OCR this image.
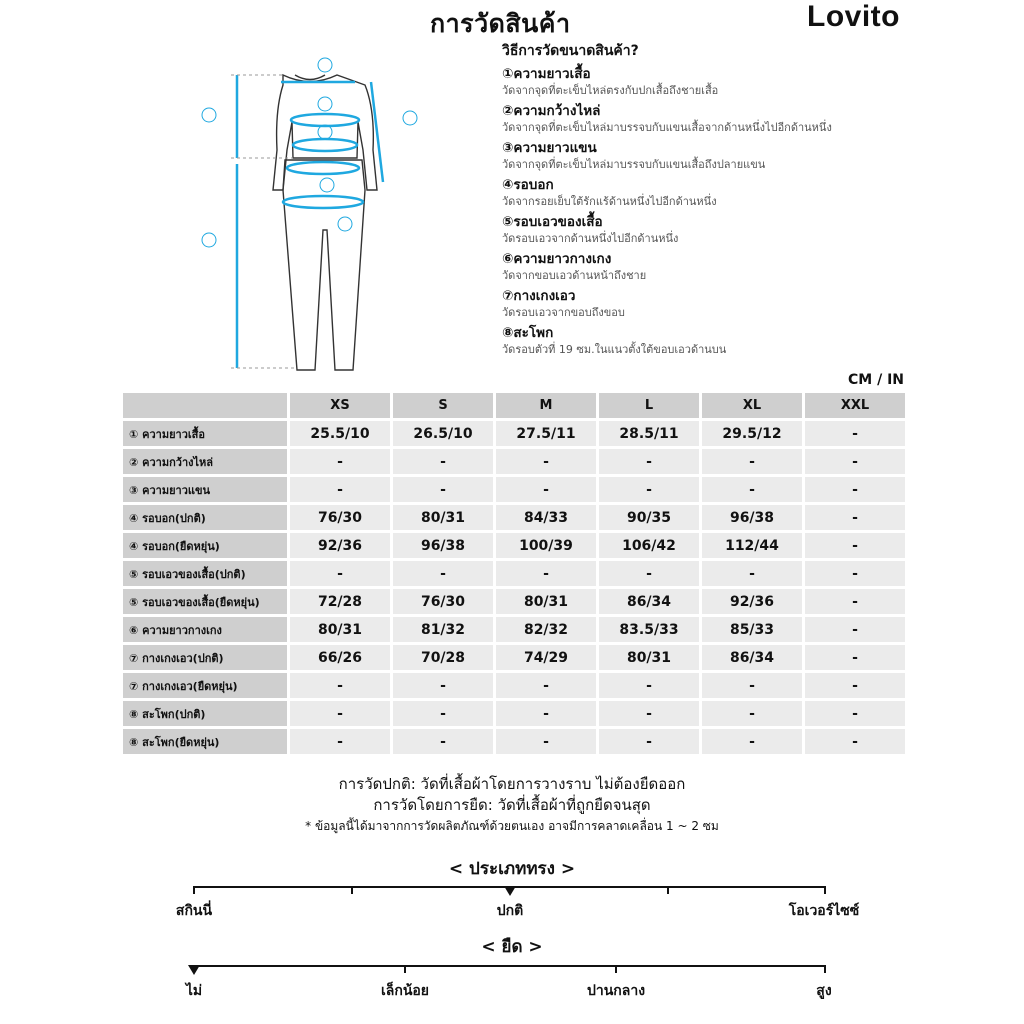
การวัดสินค้า	Lovito
วิธีการวัดขนาดสินค้า?
①ความยาวเสื้อ
วัดจากจุดที่ตะเข็บไหล่ตรงกับปกเสื้อถึงชายเสื้อ
②ความกว้างไหล่
วัดจากจุดที่ตะเข็บไหล่มาบรรจบกับแขนเสื้อจากด้านหนึ่งไปอีกด้านหนึ่ง
③ความยาวแขน
วัดจากจุดที่ตะเข็บไหล่มาบรรจบกับแขนเสื้อถึงปลายแขน
④รอบอก
วัดจากรอยเย็บใต้รักแร้ด้านหนึ่งไปอีกด้านหนึ่ง
⑤รอบเอวของเสื้อ
วัดรอบเอวจากด้านหนึ่งไปอีกด้านหนึ่ง
⑥ความยาวกางเกง
วัดจากขอบเอวด้านหน้าถึงชาย
⑦กางเกงเอว
วัดรอบเอวจากขอบถึงขอบ
⑧สะโพก
วัดรอบตัวที่ 19 ซม.ในแนวตั้งใต้ขอบเอวด้านบน
CM / IN
	XS	S	M	L	XL	XXL
① ความยาวเสื้อ	25.5/10	26.5/10	27.5/11	28.5/11	29.5/12	-
② ความกว้างไหล่	-	-	-	-	-	-
③ ความยาวแขน	-	-	-	-	-	-
④ รอบอก(ปกติ)	76/30	80/31	84/33	90/35	96/38	-
④ รอบอก(ยืดหยุ่น)	92/36	96/38	100/39	106/42	112/44	-
⑤ รอบเอวของเสื้อ(ปกติ)	-	-	-	-	-	-
⑤ รอบเอวของเสื้อ(ยืดหยุ่น)	72/28	76/30	80/31	86/34	92/36	-
⑥ ความยาวกางเกง	80/31	81/32	82/32	83.5/33	85/33	-
⑦ กางเกงเอว(ปกติ)	66/26	70/28	74/29	80/31	86/34	-
⑦ กางเกงเอว(ยืดหยุ่น)	-	-	-	-	-	-
⑧ สะโพก(ปกติ)	-	-	-	-	-	-
⑧ สะโพก(ยืดหยุ่น)	-	-	-	-	-	-
การวัดปกติ: วัดที่เสื้อผ้าโดยการวางราบ ไม่ต้องยืดออก
การวัดโดยการยืด: วัดที่เสื้อผ้าที่ถูกยืดจนสุด
* ข้อมูลนี้ได้มาจากการวัดผลิตภัณฑ์ด้วยตนเอง อาจมีการคลาดเคลื่อน 1 ~ 2 ซม
< ประเภททรง >
สกินนี่	ปกติ	โอเวอร์ไซซ์
< ยืด >
ไม่	เล็กน้อย	ปานกลาง	สูง
